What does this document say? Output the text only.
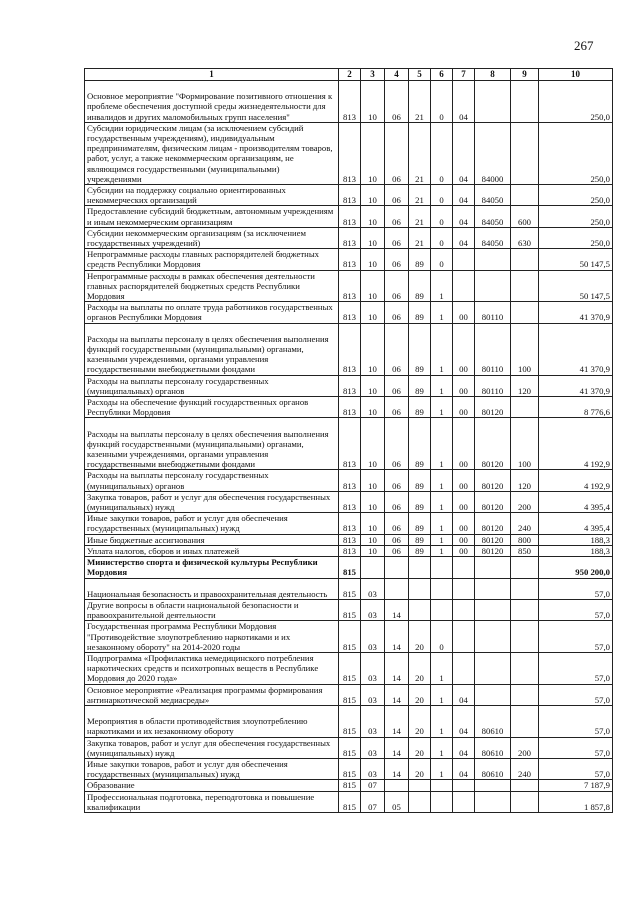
267
1	2	3	4	5	6	7	8	9	10
Основное мероприятие "Формирование позитивного отношения к проблеме обеспечения доступной среды жизнедеятельности для инвалидов и других маломобильных групп населения"	813	10	06	21	0	04			250,0
Субсидии юридическим лицам (за исключением субсидий государственным учреждениям), индивидуальным предпринимателям, физическим лицам - производителям товаров, работ, услуг, а также некоммерческим организациям, не являющимся государственными (муниципальными) учреждениями	813	10	06	21	0	04	84000		250,0
Субсидии на поддержку социально ориентированных некоммерческих организаций	813	10	06	21	0	04	84050		250,0
Предоставление субсидий бюджетным, автономным учреждениям и иным некоммерческим организациям	813	10	06	21	0	04	84050	600	250,0
Субсидии некоммерческим организациям (за исключением государственных учреждений)	813	10	06	21	0	04	84050	630	250,0
Непрограммные расходы главных распорядителей бюджетных средств Республики Мордовия	813	10	06	89	0				50 147,5
Непрограммные расходы в рамках обеспечения деятельности главных распорядителей бюджетных средств Республики Мордовия	813	10	06	89	1				50 147,5
Расходы на выплаты по оплате труда работников государственных органов Республики Мордовия	813	10	06	89	1	00	80110		41 370,9
Расходы на выплаты персоналу в целях обеспечения выполнения функций государственными (муниципальными) органами, казенными учреждениями, органами управления государственными внебюджетными фондами	813	10	06	89	1	00	80110	100	41 370,9
Расходы на выплаты персоналу государственных (муниципальных) органов	813	10	06	89	1	00	80110	120	41 370,9
Расходы на обеспечение функций государственных органов Республики Мордовия	813	10	06	89	1	00	80120		8 776,6
Расходы на выплаты персоналу в целях обеспечения выполнения функций государственными (муниципальными) органами, казенными учреждениями, органами управления государственными внебюджетными фондами	813	10	06	89	1	00	80120	100	4 192,9
Расходы на выплаты персоналу государственных (муниципальных) органов	813	10	06	89	1	00	80120	120	4 192,9
Закупка товаров, работ и услуг для обеспечения государственных (муниципальных) нужд	813	10	06	89	1	00	80120	200	4 395,4
Иные закупки товаров, работ и услуг для обеспечения государственных (муниципальных) нужд	813	10	06	89	1	00	80120	240	4 395,4
Иные бюджетные ассигнования	813	10	06	89	1	00	80120	800	188,3
Уплата налогов, сборов и иных платежей	813	10	06	89	1	00	80120	850	188,3
Министерство спорта и физической культуры Республики Мордовия	815								950 200,0
Национальная безопасность и правоохранительная деятельность	815	03							57,0
Другие вопросы в области национальной безопасности и правоохранительной деятельности	815	03	14						57,0
Государственная программа Республики Мордовия "Противодействие злоупотреблению наркотиками и их незаконному обороту" на 2014-2020 годы	815	03	14	20	0				57,0
Подпрограмма «Профилактика немедицинского потребления наркотических средств и психотропных веществ в Республике Мордовия до 2020 года»	815	03	14	20	1				57,0
Основное мероприятие «Реализация программы формирования антинаркотической медиасреды»	815	03	14	20	1	04			57,0
Мероприятия в области противодействия злоупотреблению наркотиками и их незаконному обороту	815	03	14	20	1	04	80610		57,0
Закупка товаров, работ и услуг для обеспечения государственных (муниципальных) нужд	815	03	14	20	1	04	80610	200	57,0
Иные закупки товаров, работ и услуг для обеспечения государственных (муниципальных) нужд	815	03	14	20	1	04	80610	240	57,0
Образование	815	07							7 187,9
Профессиональная подготовка, переподготовка и повышение квалификации	815	07	05						1 857,8
